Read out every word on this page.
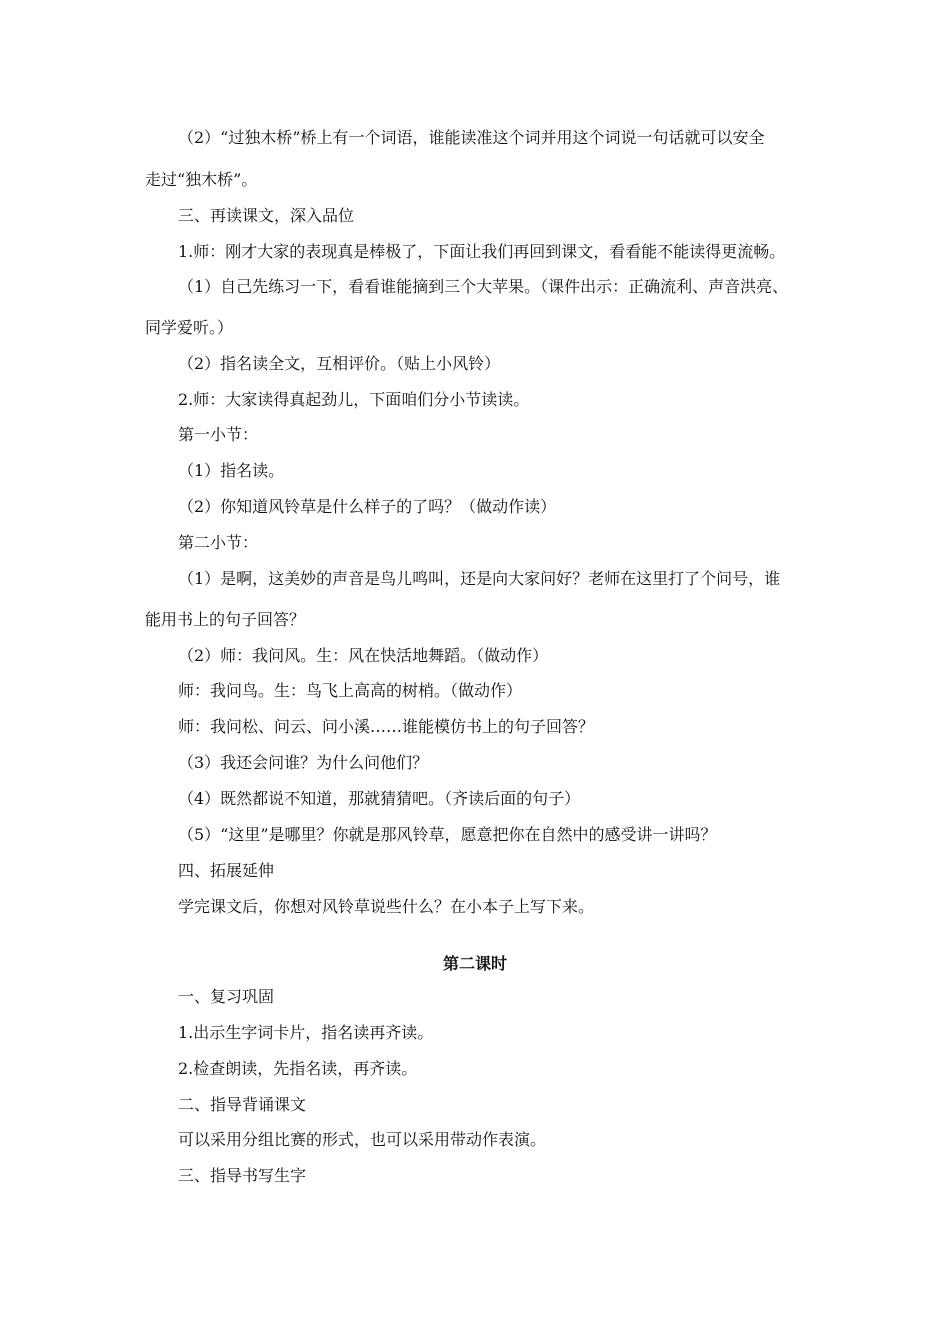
（2）“过独木桥”桥上有一个词语，谁能读准这个词并用这个词说一句话就可以安全
走过“独木桥”。
三、再读课文，深入品位
1.师：刚才大家的表现真是棒极了，下面让我们再回到课文，看看能不能读得更流畅。
（1）自己先练习一下，看看谁能摘到三个大苹果。（课件出示：正确流利、声音洪亮、
同学爱听。）
（2）指名读全文，互相评价。（贴上小风铃）
2.师：大家读得真起劲儿，下面咱们分小节读读。
第一小节：
（1）指名读。
（2）你知道风铃草是什么样子的了吗？（做动作读）
第二小节：
（1）是啊，这美妙的声音是鸟儿鸣叫，还是向大家问好？老师在这里打了个问号，谁
能用书上的句子回答？
（2）师：我问风。生：风在快活地舞蹈。（做动作）
师：我问鸟。生：鸟飞上高高的树梢。（做动作）
师：我问松、问云、问小溪……谁能模仿书上的句子回答？
（3）我还会问谁？为什么问他们？
（4）既然都说不知道，那就猜猜吧。（齐读后面的句子）
（5）“这里”是哪里？你就是那风铃草，愿意把你在自然中的感受讲一讲吗？
四、拓展延伸
学完课文后，你想对风铃草说些什么？在小本子上写下来。
第二课时
一、复习巩固
1.出示生字词卡片，指名读再齐读。
2.检查朗读，先指名读，再齐读。
二、指导背诵课文
可以采用分组比赛的形式，也可以采用带动作表演。
三、指导书写生字
